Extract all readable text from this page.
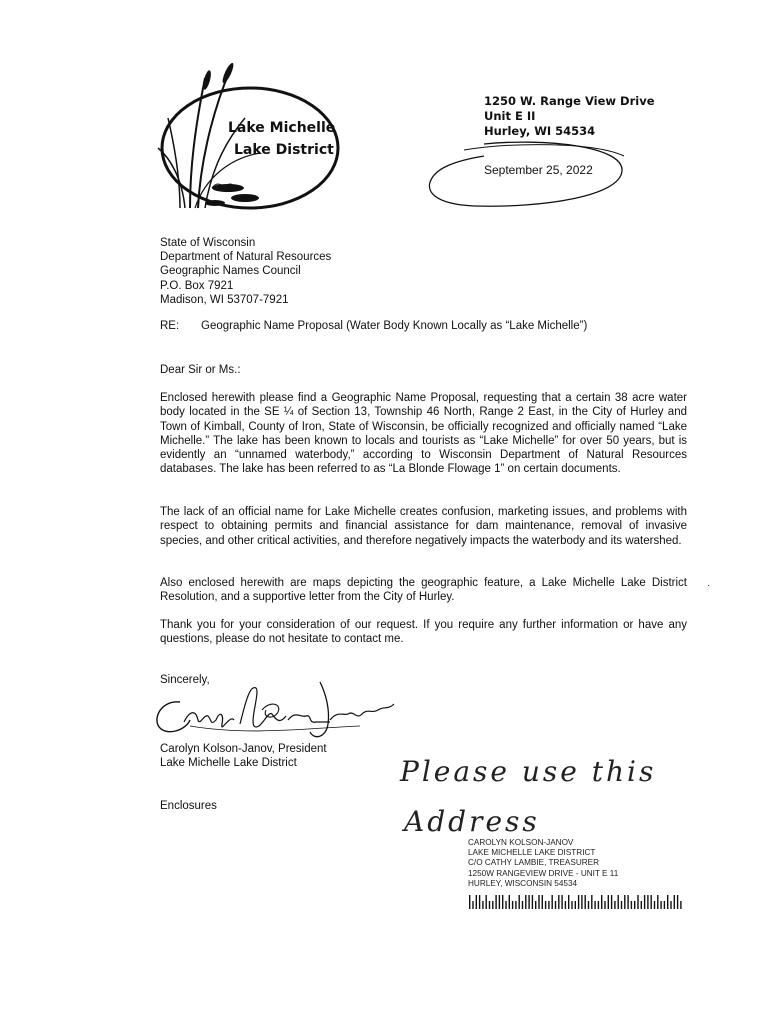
Lake Michelle
Lake District
1250 W. Range View Drive
Unit E II
Hurley, WI 54534
September 25, 2022
State of Wisconsin
Department of Natural Resources
Geographic Names Council
P.O. Box 7921
Madison, WI 53707-7921
RE: Geographic Name Proposal (Water Body Known Locally as “Lake Michelle”)
Dear Sir or Ms.:

Enclosed herewith please find a Geographic Name Proposal, requesting that a certain 38 acre water body located in the SE ¼ of Section 13, Township 46 North, Range 2 East, in the City of Hurley and Town of Kimball, County of Iron, State of Wisconsin, be officially recognized and officially named “Lake Michelle.” The lake has been known to locals and tourists as “Lake Michelle” for over 50 years, but is evidently an “unnamed waterbody,” according to Wisconsin Department of Natural Resources databases. The lake has been referred to as “La Blonde Flowage 1” on certain documents.

The lack of an official name for Lake Michelle creates confusion, marketing issues, and problems with respect to obtaining permits and financial assistance for dam maintenance, removal of invasive species, and other critical activities, and therefore negatively impacts the waterbody and its watershed.

Also enclosed herewith are maps depicting the geographic feature, a Lake Michelle Lake District Resolution, and a supportive letter from the City of Hurley.

Thank you for your consideration of our request. If you require any further information or have any questions, please do not hesitate to contact me.

·
Sincerely,
Carolyn Kolson-Janov, President
Lake Michelle Lake District
Enclosures
Please use this
Address
CAROLYN KOLSON-JANOV
LAKE MICHELLE LAKE DISTRICT
C/O CATHY LAMBIE, TREASURER
1250W RANGEVIEW DRIVE - UNIT E 11
HURLEY, WISCONSIN 54534
